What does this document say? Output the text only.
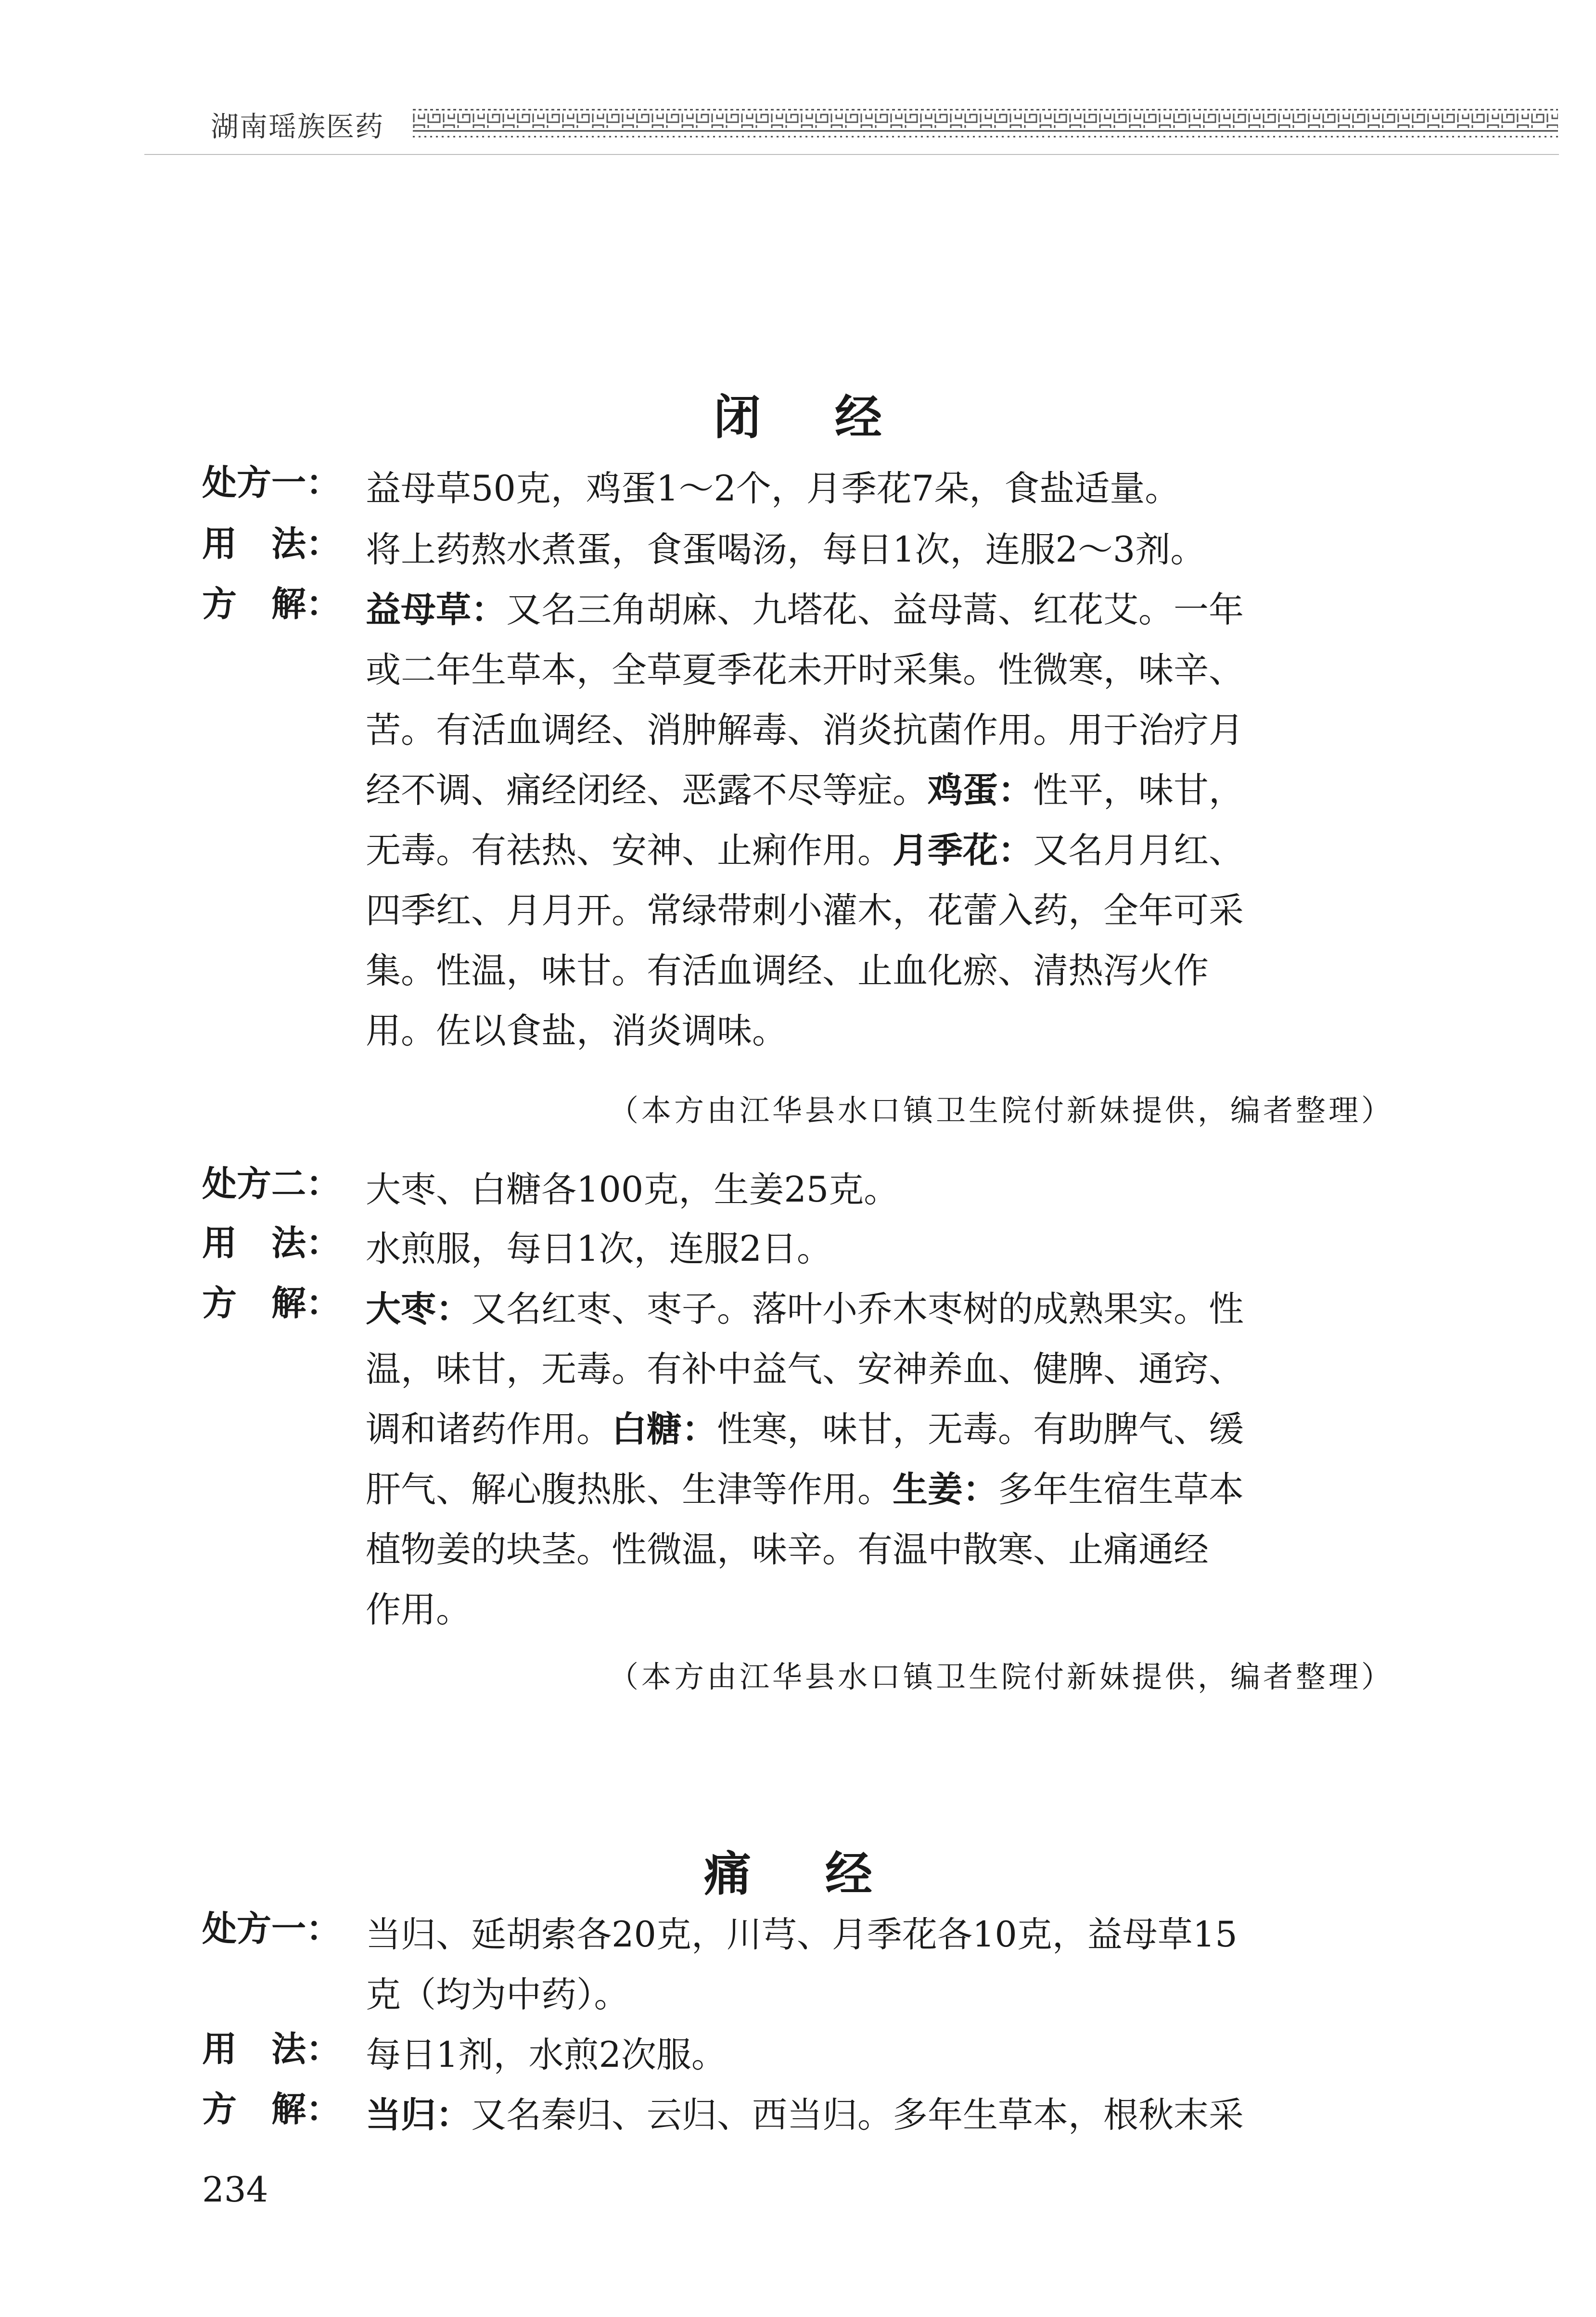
湖南瑶族医药
闭 经
处方一： 益母草50克，鸡蛋1～2个，月季花7朵，食盐适量。
用　法： 将上药熬水煮蛋，食蛋喝汤，每日1次，连服2～3剂。
方　解： 益母草：又名三角胡麻、九塔花、益母蒿、红花艾。一年
或二年生草本，全草夏季花未开时采集。性微寒，味辛、
苦。有活血调经、消肿解毒、消炎抗菌作用。用于治疗月
经不调、痛经闭经、恶露不尽等症。鸡蛋：性平，味甘，
无毒。有祛热、安神、止痢作用。月季花：又名月月红、
四季红、月月开。常绿带刺小灌木，花蕾入药，全年可采
集。性温，味甘。有活血调经、止血化瘀、清热泻火作
用。佐以食盐，消炎调味。
（本方由江华县水口镇卫生院付新妹提供，编者整理）
处方二： 大枣、白糖各100克，生姜25克。
用　法： 水煎服，每日1次，连服2日。
方　解： 大枣：又名红枣、枣子。落叶小乔木枣树的成熟果实。性
温，味甘，无毒。有补中益气、安神养血、健脾、通窍、
调和诸药作用。白糖：性寒，味甘，无毒。有助脾气、缓
肝气、解心腹热胀、生津等作用。生姜：多年生宿生草本
植物姜的块茎。性微温，味辛。有温中散寒、止痛通经
作用。
（本方由江华县水口镇卫生院付新妹提供，编者整理）
痛 经
处方一： 当归、延胡索各20克，川芎、月季花各10克，益母草15
克（均为中药）。
用　法： 每日1剂，水煎2次服。
方　解： 当归：又名秦归、云归、西当归。多年生草本，根秋末采
234
